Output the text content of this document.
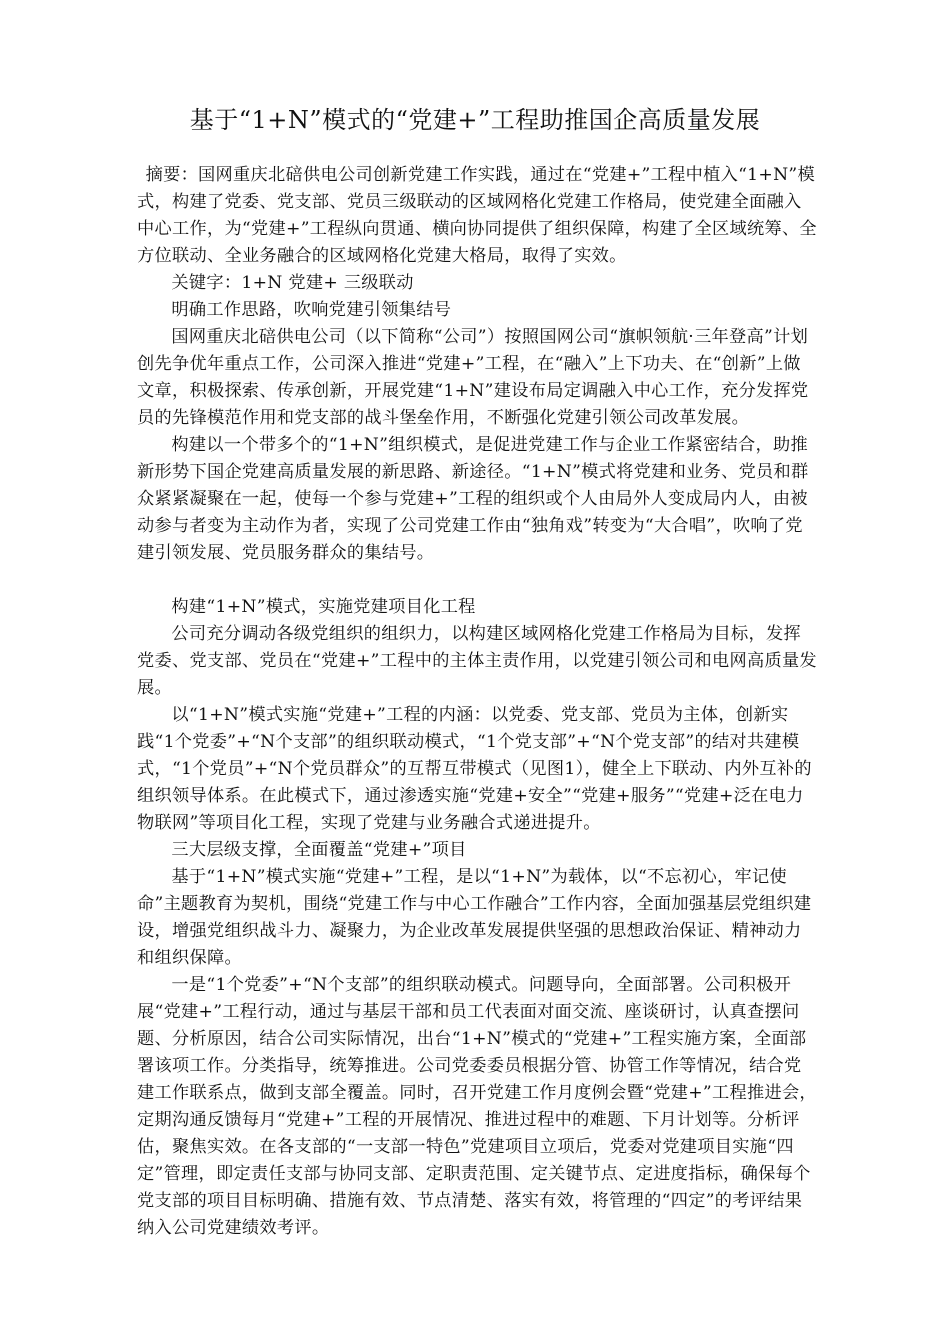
基于“1+N”模式的“党建+”工程助推国企高质量发展

摘要：国网重庆北碚供电公司创新党建工作实践，通过在“党建+”工程中植入“1+N”模式，构建了党委、党支部、党员三级联动的区域网格化党建工作格局，使党建全面融入中心工作，为“党建+”工程纵向贯通、横向协同提供了组织保障，构建了全区域统筹、全方位联动、全业务融合的区域网格化党建大格局，取得了实效。

关键字：1+N 党建+ 三级联动

明确工作思路，吹响党建引领集结号

国网重庆北碚供电公司（以下简称“公司”）按照国网公司“旗帜领航·三年登高”计划创先争优年重点工作，公司深入推进“党建+”工程，在“融入”上下功夫、在“创新”上做文章，积极探索、传承创新，开展党建“1+N”建设布局定调融入中心工作，充分发挥党员的先锋模范作用和党支部的战斗堡垒作用，不断强化党建引领公司改革发展。

构建以一个带多个的“1+N”组织模式，是促进党建工作与企业工作紧密结合，助推新形势下国企党建高质量发展的新思路、新途径。“1+N”模式将党建和业务、党员和群众紧紧凝聚在一起，使每一个参与党建+”工程的组织或个人由局外人变成局内人，由被动参与者变为主动作为者，实现了公司党建工作由“独角戏”转变为“大合唱”，吹响了党建引领发展、党员服务群众的集结号。

构建“1+N”模式，实施党建项目化工程

公司充分调动各级党组织的组织力，以构建区域网格化党建工作格局为目标，发挥党委、党支部、党员在“党建+”工程中的主体主责作用，以党建引领公司和电网高质量发展。

以“1+N”模式实施“党建+”工程的内涵：以党委、党支部、党员为主体，创新实践“1个党委”+“N个支部”的组织联动模式，“1个党支部”+“N个党支部”的结对共建模式，“1个党员”+“N个党员群众”的互帮互带模式（见图1），健全上下联动、内外互补的组织领导体系。在此模式下，通过渗透实施“党建+安全”“党建+服务”“党建+泛在电力物联网”等项目化工程，实现了党建与业务融合式递进提升。

三大层级支撑，全面覆盖“党建+”项目

基于“1+N”模式实施“党建+”工程，是以“1+N”为载体，以“不忘初心，牢记使命”主题教育为契机，围绕“党建工作与中心工作融合”工作内容，全面加强基层党组织建设，增强党组织战斗力、凝聚力，为企业改革发展提供坚强的思想政治保证、精神动力和组织保障。

一是“1个党委”+“N个支部”的组织联动模式。问题导向，全面部署。公司积极开展“党建+”工程行动，通过与基层干部和员工代表面对面交流、座谈研讨，认真查摆问题、分析原因，结合公司实际情况，出台“1+N”模式的“党建+”工程实施方案，全面部署该项工作。分类指导，统筹推进。公司党委委员根据分管、协管工作等情况，结合党建工作联系点，做到支部全覆盖。同时，召开党建工作月度例会暨“党建+”工程推进会，定期沟通反馈每月“党建+”工程的开展情况、推进过程中的难题、下月计划等。分析评估，聚焦实效。在各支部的“一支部一特色”党建项目立项后，党委对党建项目实施“四定”管理，即定责任支部与协同支部、定职责范围、定关键节点、定进度指标，确保每个党支部的项目目标明确、措施有效、节点清楚、落实有效，将管理的“四定”的考评结果纳入公司党建绩效考评。
